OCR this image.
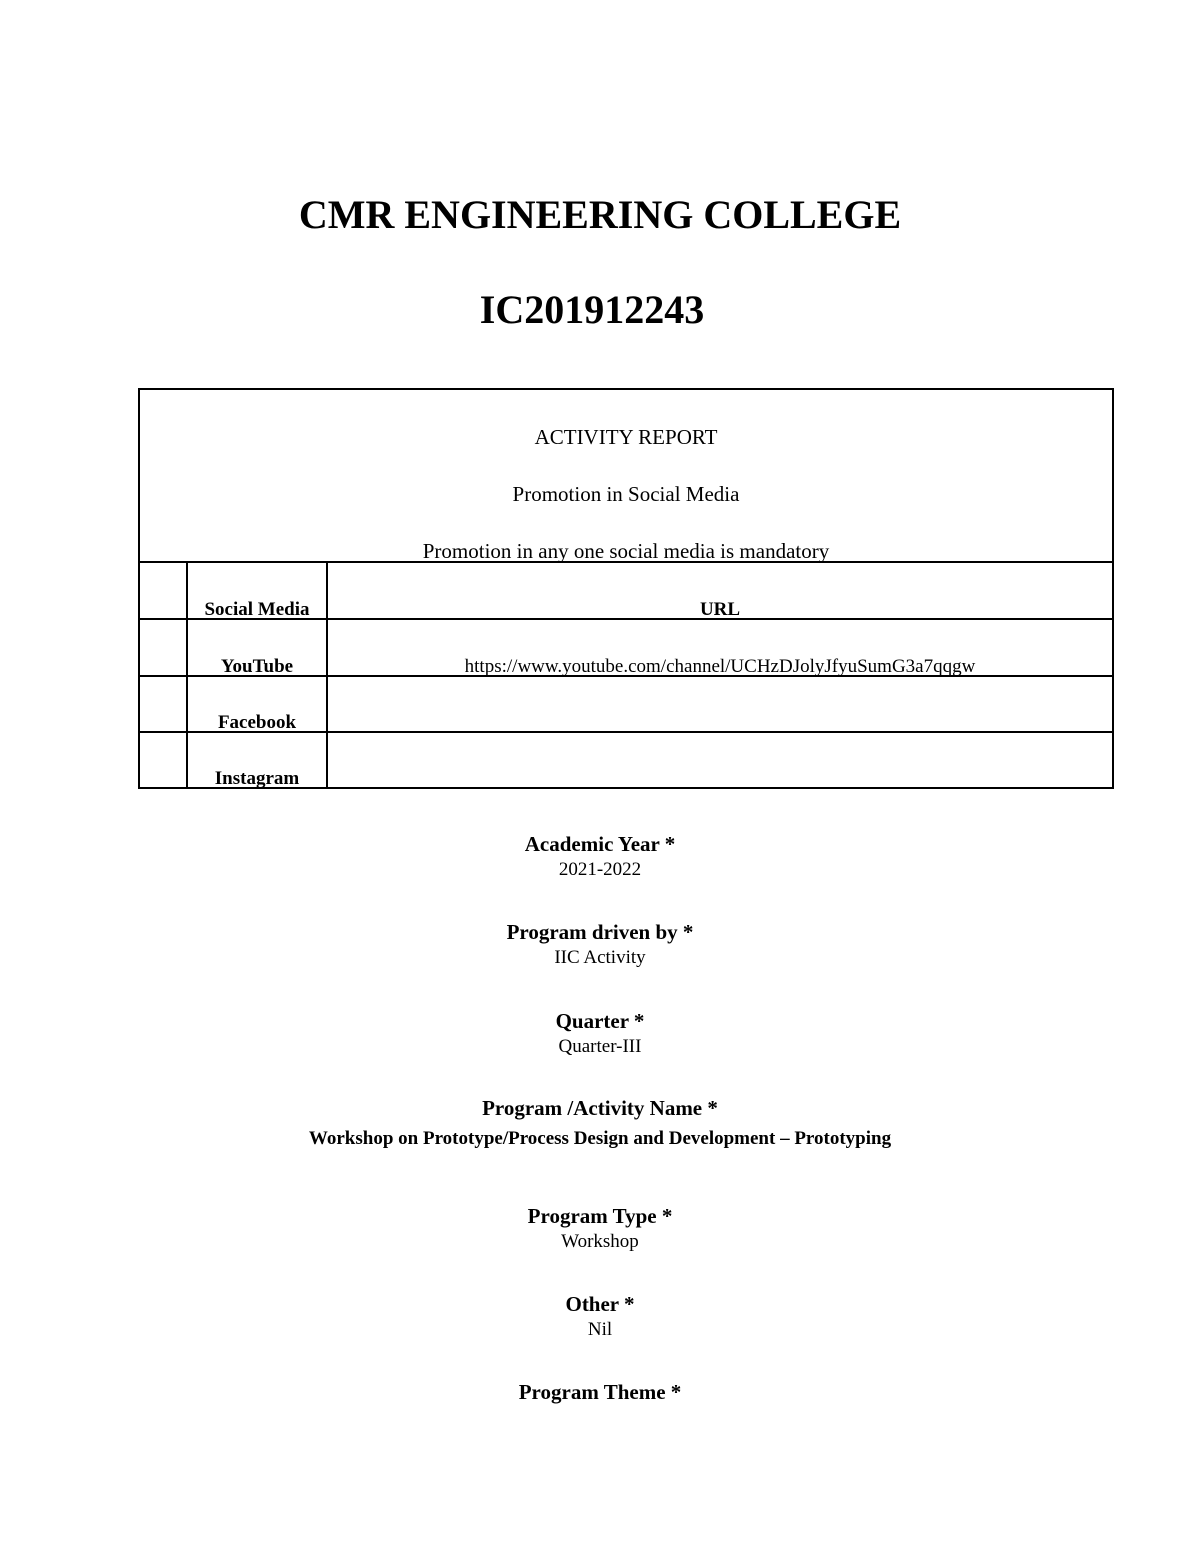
CMR ENGINEERING COLLEGE
IC201912243
ACTIVITY REPORT
Promotion in Social Media
Promotion in any one social media is mandatory
Social Media	URL
YouTube	https://www.youtube.com/channel/UCHzDJolyJfyuSumG3a7qqgw
Facebook
Instagram
Academic Year *
2021-2022
Program driven by *
IIC Activity
Quarter *
Quarter-III
Program /Activity Name *
Workshop on Prototype/Process Design and Development – Prototyping
Program Type *
Workshop
Other *
Nil
Program Theme *
